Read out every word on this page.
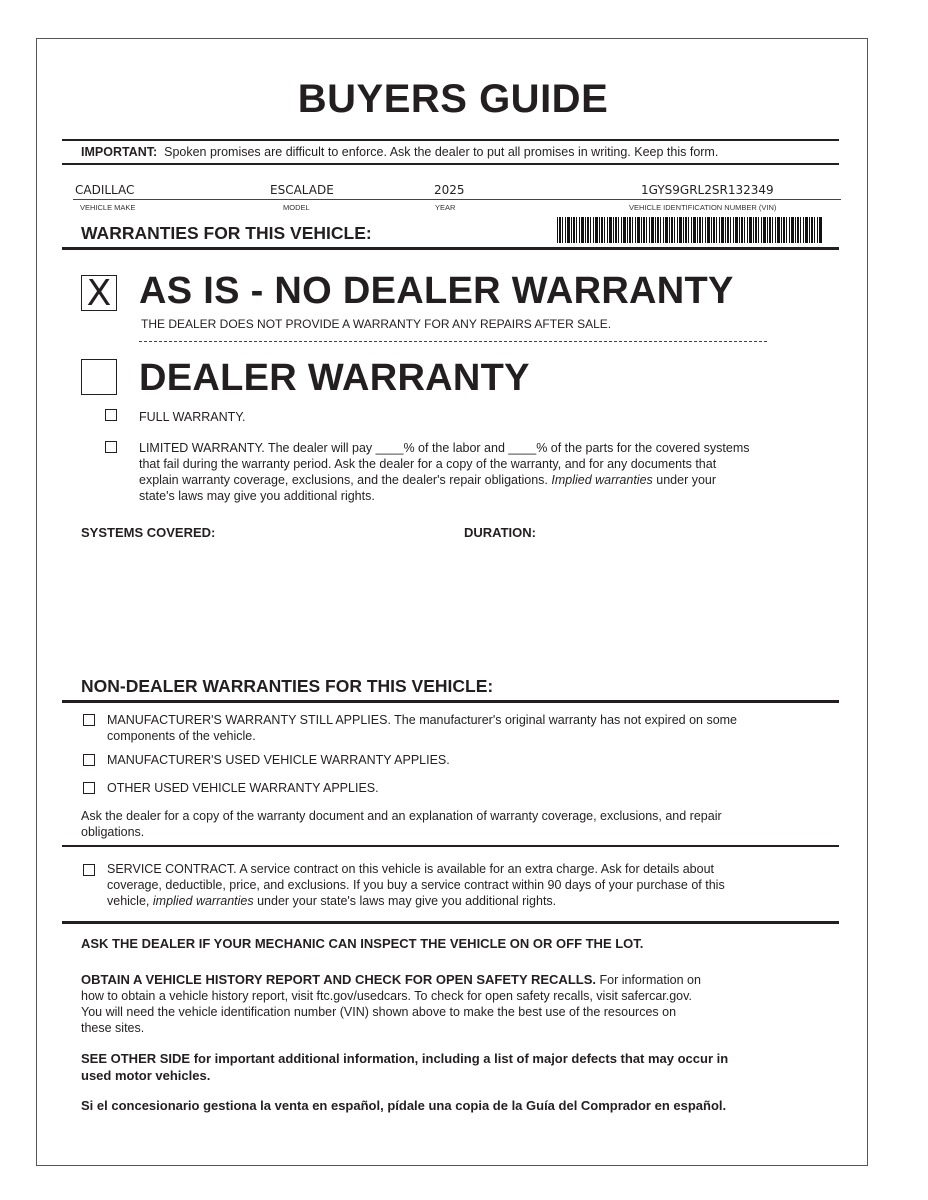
BUYERS GUIDE
IMPORTANT: Spoken promises are difficult to enforce. Ask the dealer to put all promises in writing. Keep this form.
CADILLAC	ESCALADE	2025	1GYS9GRL2SR132349
VEHICLE MAKE	MODEL	YEAR	VEHICLE IDENTIFICATION NUMBER (VIN)
WARRANTIES FOR THIS VEHICLE:
X AS IS - NO DEALER WARRANTY
THE DEALER DOES NOT PROVIDE A WARRANTY FOR ANY REPAIRS AFTER SALE.
DEALER WARRANTY
FULL WARRANTY.
LIMITED WARRANTY. The dealer will pay ____% of the labor and ____% of the parts for the covered systems
that fail during the warranty period. Ask the dealer for a copy of the warranty, and for any documents that
explain warranty coverage, exclusions, and the dealer's repair obligations. Implied warranties under your
state's laws may give you additional rights.
SYSTEMS COVERED:	DURATION:
NON-DEALER WARRANTIES FOR THIS VEHICLE:
MANUFACTURER'S WARRANTY STILL APPLIES. The manufacturer's original warranty has not expired on some
components of the vehicle.
MANUFACTURER'S USED VEHICLE WARRANTY APPLIES.
OTHER USED VEHICLE WARRANTY APPLIES.
Ask the dealer for a copy of the warranty document and an explanation of warranty coverage, exclusions, and repair
obligations.
SERVICE CONTRACT. A service contract on this vehicle is available for an extra charge. Ask for details about
coverage, deductible, price, and exclusions. If you buy a service contract within 90 days of your purchase of this
vehicle, implied warranties under your state's laws may give you additional rights.
ASK THE DEALER IF YOUR MECHANIC CAN INSPECT THE VEHICLE ON OR OFF THE LOT.
OBTAIN A VEHICLE HISTORY REPORT AND CHECK FOR OPEN SAFETY RECALLS. For information on
how to obtain a vehicle history report, visit ftc.gov/usedcars. To check for open safety recalls, visit safercar.gov.
You will need the vehicle identification number (VIN) shown above to make the best use of the resources on
these sites.
SEE OTHER SIDE for important additional information, including a list of major defects that may occur in
used motor vehicles.
Si el concesionario gestiona la venta en español, pídale una copia de la Guía del Comprador en español.
